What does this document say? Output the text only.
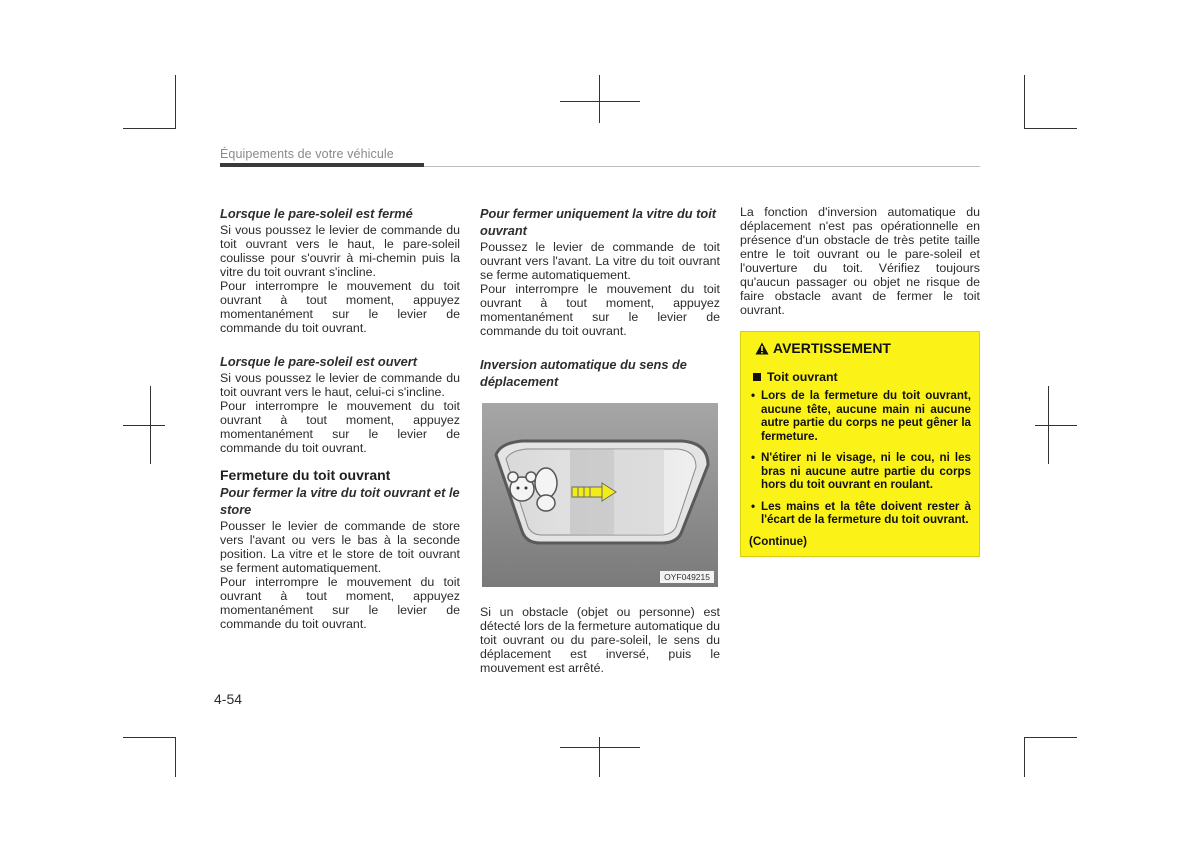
Équipements de votre véhicule
Lorsque le pare-soleil est fermé

Si vous poussez le levier de commande du toit ouvrant vers le haut, le pare-soleil coulisse pour s'ouvrir à mi-chemin puis la vitre du toit ouvrant s'incline.

Pour interrompre le mouvement du toit ouvrant à tout moment, appuyez momentanément sur le levier de commande du toit ouvrant.

Lorsque le pare-soleil est ouvert

Si vous poussez le levier de commande du toit ouvrant vers le haut, celui-ci s'incline.

Pour interrompre le mouvement du toit ouvrant à tout moment, appuyez momentanément sur le levier de commande du toit ouvrant.

Fermeture du toit ouvrant
Pour fermer la vitre du toit ouvrant et le store

Pousser le levier de commande de store vers l'avant ou vers le bas à la seconde position. La vitre et le store de toit ouvrant se ferment automatiquement.

Pour interrompre le mouvement du toit ouvrant à tout moment, appuyez momentanément sur le levier de commande du toit ouvrant.

Pour fermer uniquement la vitre du toit ouvrant

Poussez le levier de commande de toit ouvrant vers l'avant. La vitre du toit ouvrant se ferme automatiquement.

Pour interrompre le mouvement du toit ouvrant à tout moment, appuyez momentanément sur le levier de commande du toit ouvrant.

Inversion automatique du sens de déplacement
OYF049215

Si un obstacle (objet ou personne) est détecté lors de la fermeture automatique du toit ouvrant ou du pare-soleil, le sens du déplacement est inversé, puis le mouvement est arrêté.

La fonction d'inversion automatique du déplacement n'est pas opérationnelle en présence d'un obstacle de très petite taille entre le toit ouvrant ou le pare-soleil et l'ouverture du toit. Vérifiez toujours qu'aucun passager ou objet ne risque de faire obstacle avant de fermer le toit ouvrant.

AVERTISSEMENT
Toit ouvrant
• Lors de la fermeture du toit ouvrant, aucune tête, aucune main ni aucune autre partie du corps ne peut gêner la fermeture.
• N'étirer ni le visage, ni le cou, ni les bras ni aucune autre partie du corps hors du toit ouvrant en roulant.
• Les mains et la tête doivent rester à l'écart de la fermeture du toit ouvrant.
(Continue)
4-54
